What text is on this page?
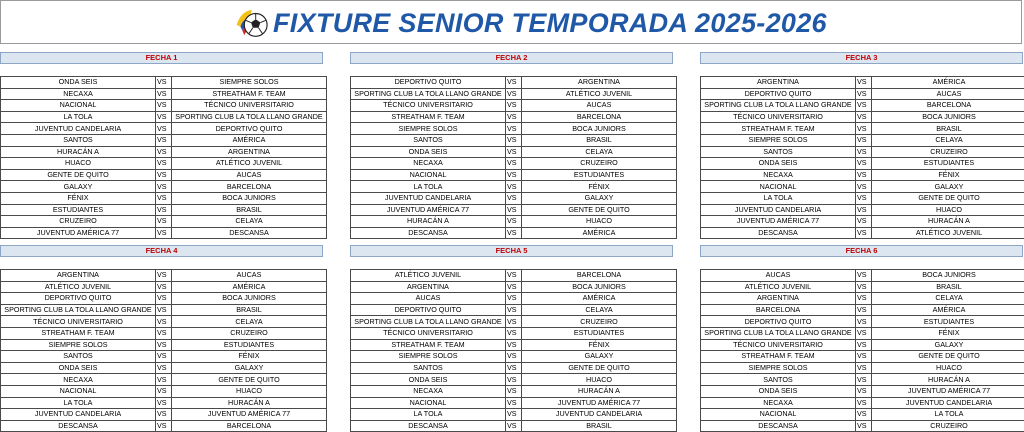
FIXTURE SENIOR TEMPORADA 2025-2026
FECHA 1
ONDA SEIS	VS	SIEMPRE SOLOS
NECAXA	VS	STREATHAM F. TEAM
NACIONAL	VS	TÉCNICO UNIVERSITARIO
LA TOLA	VS	SPORTING CLUB LA TOLA LLANO GRANDE
JUVENTUD CANDELARIA	VS	DEPORTIVO QUITO
SANTOS	VS	AMÉRICA
HURACÁN A	VS	ARGENTINA
HUACO	VS	ATLÉTICO JUVENIL
GENTE DE QUITO	VS	AUCAS
GALAXY	VS	BARCELONA
FÉNIX	VS	BOCA JUNIORS
ESTUDIANTES	VS	BRASIL
CRUZEIRO	VS	CELAYA
JUVENTUD AMÉRICA 77	VS	DESCANSA
FECHA 2
DEPORTIVO QUITO	VS	ARGENTINA
SPORTING CLUB LA TOLA LLANO GRANDE	VS	ATLÉTICO JUVENIL
TÉCNICO UNIVERSITARIO	VS	AUCAS
STREATHAM F. TEAM	VS	BARCELONA
SIEMPRE SOLOS	VS	BOCA JUNIORS
SANTOS	VS	BRASIL
ONDA SEIS	VS	CELAYA
NECAXA	VS	CRUZEIRO
NACIONAL	VS	ESTUDIANTES
LA TOLA	VS	FÉNIX
JUVENTUD CANDELARIA	VS	GALAXY
JUVENTUD AMÉRICA 77	VS	GENTE DE QUITO
HURACÁN A	VS	HUACO
DESCANSA	VS	AMÉRICA
FECHA 3
ARGENTINA	VS	AMÉRICA
DEPORTIVO QUITO	VS	AUCAS
SPORTING CLUB LA TOLA LLANO GRANDE	VS	BARCELONA
TÉCNICO UNIVERSITARIO	VS	BOCA JUNIORS
STREATHAM F. TEAM	VS	BRASIL
SIEMPRE SOLOS	VS	CELAYA
SANTOS	VS	CRUZEIRO
ONDA SEIS	VS	ESTUDIANTES
NECAXA	VS	FÉNIX
NACIONAL	VS	GALAXY
LA TOLA	VS	GENTE DE QUITO
JUVENTUD CANDELARIA	VS	HUACO
JUVENTUD AMÉRICA 77	VS	HURACÁN A
DESCANSA	VS	ATLÉTICO JUVENIL
FECHA 4
ARGENTINA	VS	AUCAS
ATLÉTICO JUVENIL	VS	AMÉRICA
DEPORTIVO QUITO	VS	BOCA JUNIORS
SPORTING CLUB LA TOLA LLANO GRANDE	VS	BRASIL
TÉCNICO UNIVERSITARIO	VS	CELAYA
STREATHAM F. TEAM	VS	CRUZEIRO
SIEMPRE SOLOS	VS	ESTUDIANTES
SANTOS	VS	FÉNIX
ONDA SEIS	VS	GALAXY
NECAXA	VS	GENTE DE QUITO
NACIONAL	VS	HUACO
LA TOLA	VS	HURACÁN A
JUVENTUD CANDELARIA	VS	JUVENTUD AMÉRICA 77
DESCANSA	VS	BARCELONA
FECHA 5
ATLÉTICO JUVENIL	VS	BARCELONA
ARGENTINA	VS	BOCA JUNIORS
AUCAS	VS	AMÉRICA
DEPORTIVO QUITO	VS	CELAYA
SPORTING CLUB LA TOLA LLANO GRANDE	VS	CRUZEIRO
TÉCNICO UNIVERSITARIO	VS	ESTUDIANTES
STREATHAM F. TEAM	VS	FÉNIX
SIEMPRE SOLOS	VS	GALAXY
SANTOS	VS	GENTE DE QUITO
ONDA SEIS	VS	HUACO
NECAXA	VS	HURACÁN A
NACIONAL	VS	JUVENTUD AMÉRICA 77
LA TOLA	VS	JUVENTUD CANDELARIA
DESCANSA	VS	BRASIL
FECHA 6
AUCAS	VS	BOCA JUNIORS
ATLÉTICO JUVENIL	VS	BRASIL
ARGENTINA	VS	CELAYA
BARCELONA	VS	AMÉRICA
DEPORTIVO QUITO	VS	ESTUDIANTES
SPORTING CLUB LA TOLA LLANO GRANDE	VS	FÉNIX
TÉCNICO UNIVERSITARIO	VS	GALAXY
STREATHAM F. TEAM	VS	GENTE DE QUITO
SIEMPRE SOLOS	VS	HUACO
SANTOS	VS	HURACÁN A
ONDA SEIS	VS	JUVENTUD AMÉRICA 77
NECAXA	VS	JUVENTUD CANDELARIA
NACIONAL	VS	LA TOLA
DESCANSA	VS	CRUZEIRO
